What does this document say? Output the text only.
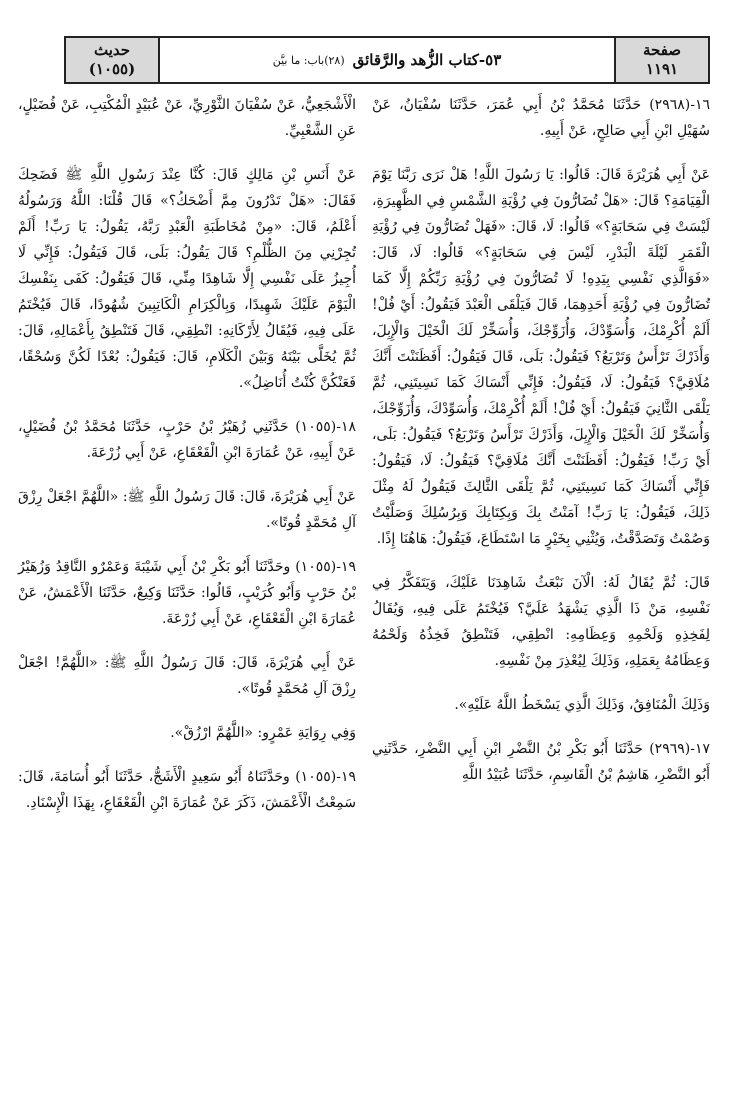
صفحة
١١٩١
٥٣-كتاب الزُّهد والرَّقائق
(٢٨)باب: ما بيَّن
حديث
(١٠٥٥)

١٦-(٢٩٦٨) حَدَّثَنَا مُحَمَّدُ بْنُ أَبِي عُمَرَ، حَدَّثَنَا سُفْيَانُ، عَنْ سُهَيْلِ ابْنِ أَبِي صَالِحٍ، عَنْ أَبِيهِ.

عَنْ أَبِي هُرَيْرَةَ قَالَ: قَالُوا: يَا رَسُولَ اللَّهِ! هَلْ نَرَى رَبَّنَا يَوْمَ الْقِيَامَةِ؟ قَالَ: «هَلْ تُضَارُّونَ فِي رُؤْيَةِ الشَّمْسِ فِي الظَّهِيرَةِ، لَيْسَتْ فِي سَحَابَةٍ؟» قَالُوا: لَا، قَالَ: «فَهَلْ تُضَارُّونَ فِي رُؤْيَةِ الْقَمَرِ لَيْلَةَ الْبَدْرِ، لَيْسَ فِي سَحَابَةٍ؟» قَالُوا: لَا، قَالَ: «فَوَالَّذِي نَفْسِي بِيَدِهِ! لَا تُضَارُّونَ فِي رُؤْيَةِ رَبِّكُمْ إِلَّا كَمَا تُضَارُّونَ فِي رُؤْيَةِ أَحَدِهِمَا، قَالَ فَيَلْقَى الْعَبْدَ فَيَقُولُ: أَيْ فُلْ! أَلَمْ أُكْرِمْكَ، وَأُسَوِّدْكَ، وَأُزَوِّجْكَ، وَأُسَخِّرْ لَكَ الْخَيْلَ وَالْإِبِلَ، وَأَذَرْكَ تَرْأَسُ وَتَرْبَعُ؟ فَيَقُولُ: بَلَى، قَالَ فَيَقُولُ: أَفَظَنَنْتَ أَنَّكَ مُلَاقِيَّ؟ فَيَقُولُ: لَا، فَيَقُولُ: فَإِنِّي أَنْسَاكَ كَمَا نَسِيتَنِي، ثُمَّ يَلْقَى الثَّانِيَ فَيَقُولُ: أَيْ فُلْ! أَلَمْ أُكْرِمْكَ، وَأُسَوِّدْكَ، وَأُزَوِّجْكَ، وَأُسَخِّرْ لَكَ الْخَيْلَ وَالْإِبِلَ، وَأَذَرْكَ تَرْأَسُ وَتَرْبَعُ؟ فَيَقُولُ: بَلَى، أَيْ رَبِّ! فَيَقُولُ: أَفَظَنَنْتَ أَنَّكَ مُلَاقِيَّ؟ فَيَقُولُ: لَا، فَيَقُولُ: فَإِنِّي أَنْسَاكَ كَمَا نَسِيتَنِي، ثُمَّ يَلْقَى الثَّالِثَ فَيَقُولُ لَهُ مِثْلَ ذَلِكَ، فَيَقُولُ: يَا رَبِّ! آمَنْتُ بِكَ وَبِكِتَابِكَ وَبِرُسُلِكَ وَصَلَّيْتُ وَصُمْتُ وَتَصَدَّقْتُ، وَيُثْنِي بِخَيْرٍ مَا اسْتَطَاعَ، فَيَقُولُ: هَاهُنَا إِذًا.

قَالَ: ثُمَّ يُقَالُ لَهُ: الْآنَ نَبْعَثُ شَاهِدَنَا عَلَيْكَ، وَيَتَفَكَّرُ فِي نَفْسِهِ، مَنْ ذَا الَّذِي يَشْهَدُ عَلَيَّ؟ فَيُخْتَمُ عَلَى فِيهِ، وَيُقَالُ لِفَخِذِهِ وَلَحْمِهِ وَعِظَامِهِ: انْطِقِي، فَتَنْطِقُ فَخِذُهُ وَلَحْمُهُ وَعِظَامُهُ بِعَمَلِهِ، وَذَلِكَ لِيُعْذِرَ مِنْ نَفْسِهِ.

وَذَلِكَ الْمُنَافِقُ، وَذَلِكَ الَّذِي يَسْخَطُ اللَّهُ عَلَيْهِ».

١٧-(٢٩٦٩) حَدَّثَنَا أَبُو بَكْرِ بْنُ النَّضْرِ ابْنِ أَبِي النَّضْرِ، حَدَّثَنِي أَبُو النَّضْرِ، هَاشِمُ بْنُ الْقَاسِمِ، حَدَّثَنَا عُبَيْدُ اللَّهِ

الْأَشْجَعِيُّ، عَنْ سُفْيَانَ الثَّوْرِيِّ، عَنْ عُبَيْدٍ الْمُكْتِبِ، عَنْ فُضَيْلٍ، عَنِ الشَّعْبِيِّ.

عَنْ أَنَسِ بْنِ مَالِكٍ قَالَ: كُنَّا عِنْدَ رَسُولِ اللَّهِ ﷺ فَضَحِكَ فَقَالَ: «هَلْ تَدْرُونَ مِمَّ أَضْحَكُ؟» قَالَ قُلْنَا: اللَّهُ وَرَسُولُهُ أَعْلَمُ، قَالَ: «مِنْ مُخَاطَبَةِ الْعَبْدِ رَبَّهُ، يَقُولُ: يَا رَبِّ! أَلَمْ تُجِرْنِي مِنَ الظُّلْمِ؟ قَالَ يَقُولُ: بَلَى، قَالَ فَيَقُولُ: فَإِنِّي لَا أُجِيزُ عَلَى نَفْسِي إِلَّا شَاهِدًا مِنِّي، قَالَ فَيَقُولُ: كَفَى بِنَفْسِكَ الْيَوْمَ عَلَيْكَ شَهِيدًا، وَبِالْكِرَامِ الْكَاتِبِينَ شُهُودًا، قَالَ فَيُخْتَمُ عَلَى فِيهِ، فَيُقَالُ لِأَرْكَانِهِ: انْطِقِي، قَالَ فَتَنْطِقُ بِأَعْمَالِهِ، قَالَ: ثُمَّ يُخَلَّى بَيْنَهُ وَبَيْنَ الْكَلَامِ، قَالَ: فَيَقُولُ: بُعْدًا لَكُنَّ وَسُحْقًا، فَعَنْكُنَّ كُنْتُ أُنَاضِلُ».

١٨-(١٠٥٥) حَدَّثَنِي زُهَيْرُ بْنُ حَرْبٍ، حَدَّثَنَا مُحَمَّدُ بْنُ فُضَيْلٍ، عَنْ أَبِيهِ، عَنْ عُمَارَةَ ابْنِ الْقَعْقَاعِ، عَنْ أَبِي زُرْعَةَ.

عَنْ أَبِي هُرَيْرَةَ، قَالَ: قَالَ رَسُولُ اللَّهِ ﷺ: «اللَّهُمَّ اجْعَلْ رِزْقَ آلِ مُحَمَّدٍ قُوتًا».

١٩-(١٠٥٥) وحَدَّثَنَا أَبُو بَكْرِ بْنُ أَبِي شَيْبَةَ وَعَمْرٌو النَّاقِدُ وَزُهَيْرُ بْنُ حَرْبٍ وَأَبُو كُرَيْبٍ، قَالُوا: حَدَّثَنَا وَكِيعٌ، حَدَّثَنَا الْأَعْمَشُ، عَنْ عُمَارَةَ ابْنِ الْقَعْقَاعِ، عَنْ أَبِي زُرْعَةَ.

عَنْ أَبِي هُرَيْرَةَ، قَالَ: قَالَ رَسُولُ اللَّهِ ﷺ: «اللَّهُمَّ! اجْعَلْ رِزْقَ آلِ مُحَمَّدٍ قُوتًا».

وَفِي رِوَايَةِ عَمْرٍو: «اللَّهُمَّ ارْزُقْ».

١٩-(١٠٥٥) وحَدَّثَنَاهُ أَبُو سَعِيدٍ الْأَشَجُّ، حَدَّثَنَا أَبُو أُسَامَةَ، قَالَ: سَمِعْتُ الْأَعْمَشَ، ذَكَرَ عَنْ عُمَارَةَ ابْنِ الْقَعْقَاعِ، بِهَذَا الْإِسْنَادِ.
